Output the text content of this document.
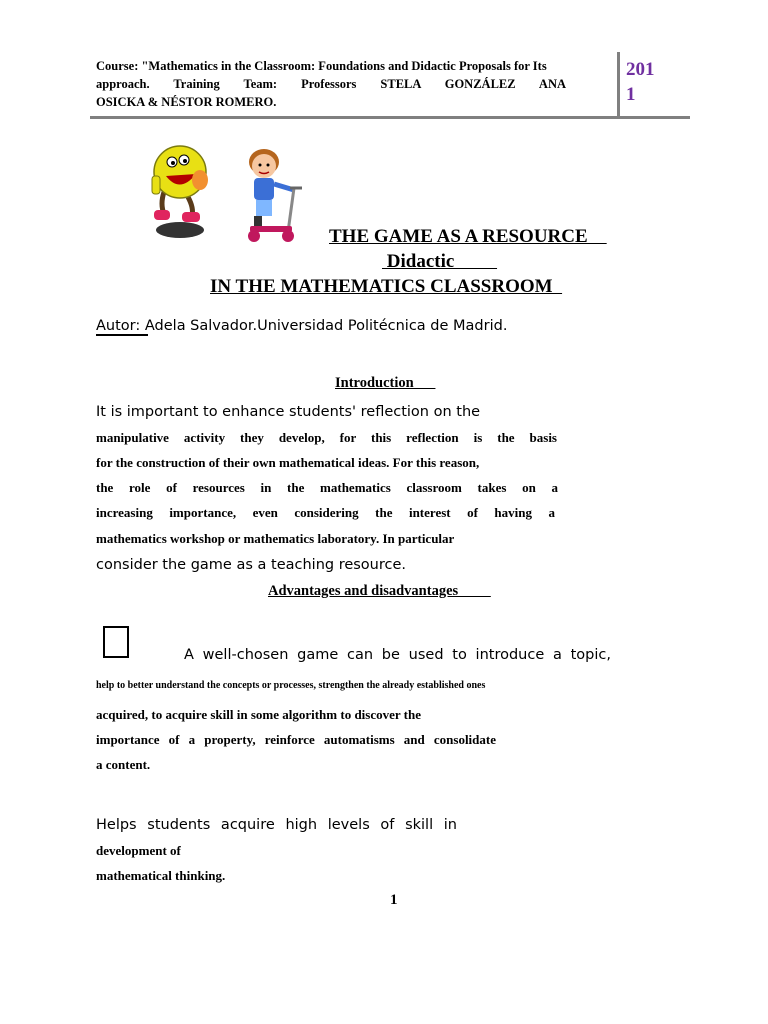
Course: "Mathematics in the Classroom: Foundations and Didactic Proposals for Its
approach. Training Team: Professors STELA GONZÁLEZ ANA
OSICKA & NÉSTOR ROMERO.
201
1
THE GAME AS A RESOURCE
Didactic
IN THE MATHEMATICS CLASSROOM
Autor: Adela Salvador.Universidad Politécnica de Madrid.
Introduction
It is important to enhance students' reflection on the
manipulative activity they develop, for this reflection is the basis
for the construction of their own mathematical ideas. For this reason,
the role of resources in the mathematics classroom takes on a
increasing importance, even considering the interest of having a
mathematics workshop or mathematics laboratory. In particular
consider the game as a teaching resource.
Advantages and disadvantages
A well-chosen game can be used to introduce a topic,
help to better understand the concepts or processes, strengthen the already established ones
acquired, to acquire skill in some algorithm to discover the
importance of a property, reinforce automatisms and consolidate
a content.
Helps students acquire high levels of skill in
development of
mathematical thinking.
1
